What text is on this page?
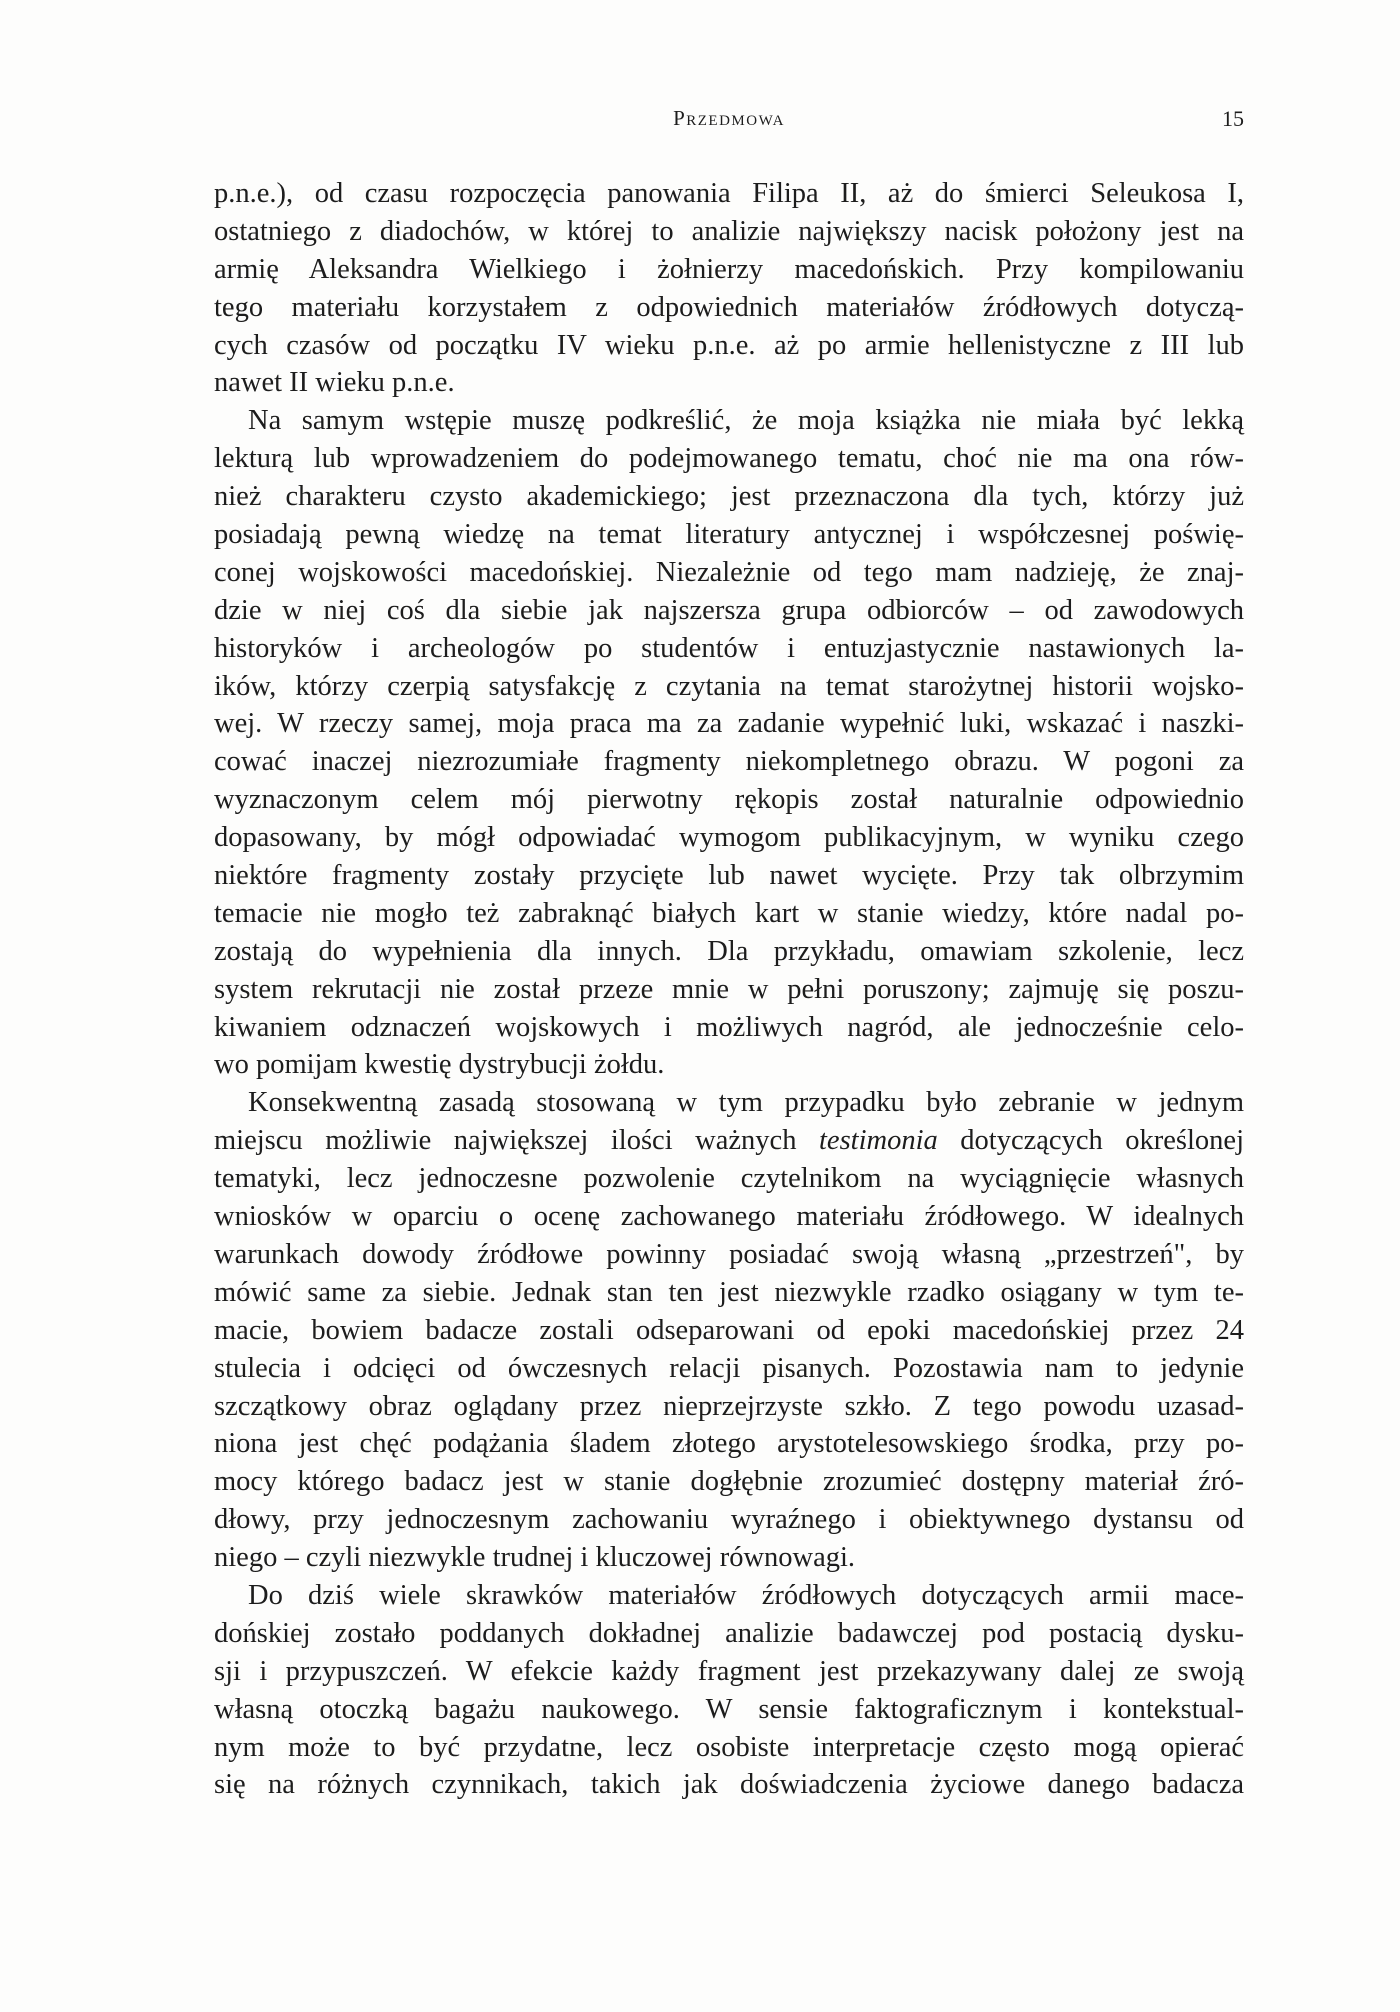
Przedmowa	15
p.n.e.), od czasu rozpoczęcia panowania Filipa II, aż do śmierci Seleukosa I,
ostatniego z diadochów, w której to analizie największy nacisk położony jest na
armię Aleksandra Wielkiego i żołnierzy macedońskich. Przy kompilowaniu
tego materiału korzystałem z odpowiednich materiałów źródłowych dotyczą-
cych czasów od początku IV wieku p.n.e. aż po armie hellenistyczne z III lub
nawet II wieku p.n.e.
Na samym wstępie muszę podkreślić, że moja książka nie miała być lekką
lekturą lub wprowadzeniem do podejmowanego tematu, choć nie ma ona rów-
nież charakteru czysto akademickiego; jest przeznaczona dla tych, którzy już
posiadają pewną wiedzę na temat literatury antycznej i współczesnej poświę-
conej wojskowości macedońskiej. Niezależnie od tego mam nadzieję, że znaj-
dzie w niej coś dla siebie jak najszersza grupa odbiorców – od zawodowych
historyków i archeologów po studentów i entuzjastycznie nastawionych la-
ików, którzy czerpią satysfakcję z czytania na temat starożytnej historii wojsko-
wej. W rzeczy samej, moja praca ma za zadanie wypełnić luki, wskazać i naszki-
cować inaczej niezrozumiałe fragmenty niekompletnego obrazu. W pogoni za
wyznaczonym celem mój pierwotny rękopis został naturalnie odpowiednio
dopasowany, by mógł odpowiadać wymogom publikacyjnym, w wyniku czego
niektóre fragmenty zostały przycięte lub nawet wycięte. Przy tak olbrzymim
temacie nie mogło też zabraknąć białych kart w stanie wiedzy, które nadal po-
zostają do wypełnienia dla innych. Dla przykładu, omawiam szkolenie, lecz
system rekrutacji nie został przeze mnie w pełni poruszony; zajmuję się poszu-
kiwaniem odznaczeń wojskowych i możliwych nagród, ale jednocześnie celo-
wo pomijam kwestię dystrybucji żołdu.
Konsekwentną zasadą stosowaną w tym przypadku było zebranie w jednym
miejscu możliwie największej ilości ważnych testimonia dotyczących określonej
tematyki, lecz jednoczesne pozwolenie czytelnikom na wyciągnięcie własnych
wniosków w oparciu o ocenę zachowanego materiału źródłowego. W idealnych
warunkach dowody źródłowe powinny posiadać swoją własną „przestrzeń", by
mówić same za siebie. Jednak stan ten jest niezwykle rzadko osiągany w tym te-
macie, bowiem badacze zostali odseparowani od epoki macedońskiej przez 24
stulecia i odcięci od ówczesnych relacji pisanych. Pozostawia nam to jedynie
szczątkowy obraz oglądany przez nieprzejrzyste szkło. Z tego powodu uzasad-
niona jest chęć podążania śladem złotego arystotelesowskiego środka, przy po-
mocy którego badacz jest w stanie dogłębnie zrozumieć dostępny materiał źró-
dłowy, przy jednoczesnym zachowaniu wyraźnego i obiektywnego dystansu od
niego – czyli niezwykle trudnej i kluczowej równowagi.
Do dziś wiele skrawków materiałów źródłowych dotyczących armii mace-
dońskiej zostało poddanych dokładnej analizie badawczej pod postacią dysku-
sji i przypuszczeń. W efekcie każdy fragment jest przekazywany dalej ze swoją
własną otoczką bagażu naukowego. W sensie faktograficznym i kontekstual-
nym może to być przydatne, lecz osobiste interpretacje często mogą opierać
się na różnych czynnikach, takich jak doświadczenia życiowe danego badacza
